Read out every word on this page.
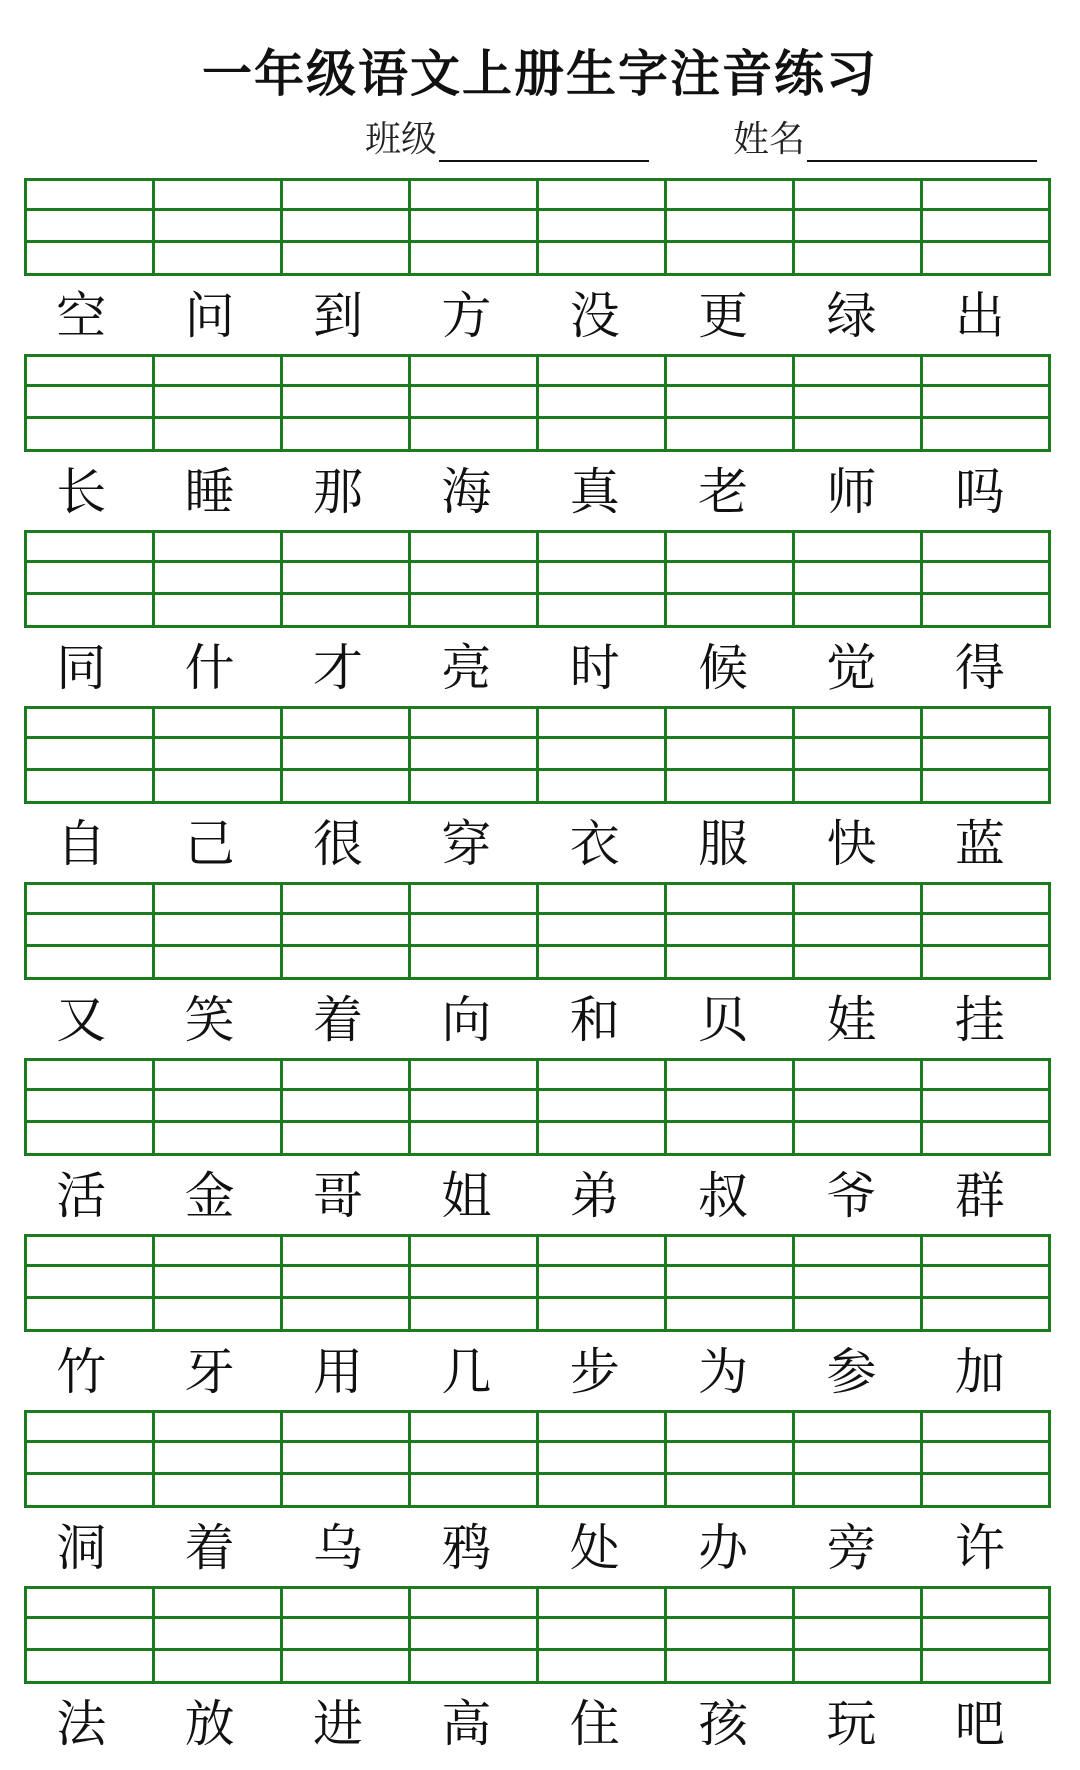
一年级语文上册生字注音练习
班级	姓名
空	问	到	方	没	更	绿	出
长	睡	那	海	真	老	师	吗
同	什	才	亮	时	候	觉	得
自	己	很	穿	衣	服	快	蓝
又	笑	着	向	和	贝	娃	挂
活	金	哥	姐	弟	叔	爷	群
竹	牙	用	几	步	为	参	加
洞	着	乌	鸦	处	办	旁	许
法	放	进	高	住	孩	玩	吧
